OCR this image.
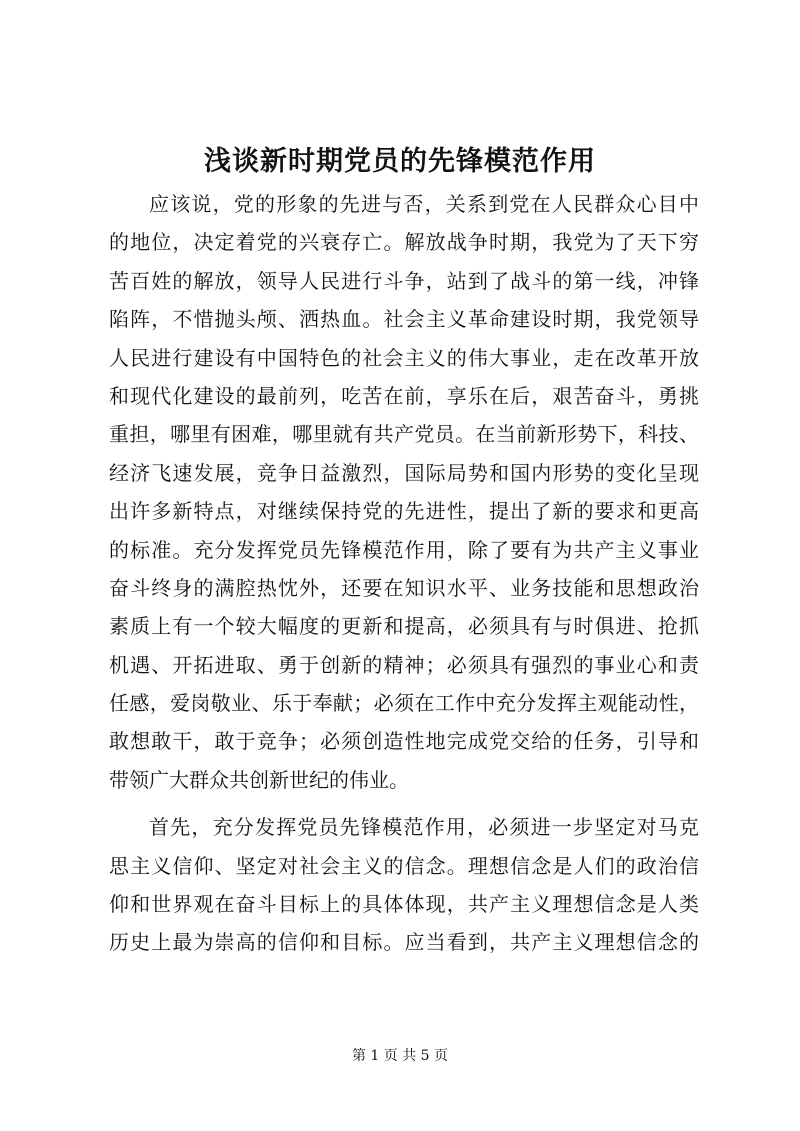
浅谈新时期党员的先锋模范作用
应该说，党的形象的先进与否，关系到党在人民群众心目中
的地位，决定着党的兴衰存亡。解放战争时期，我党为了天下穷
苦百姓的解放，领导人民进行斗争，站到了战斗的第一线，冲锋
陷阵，不惜抛头颅、洒热血。社会主义革命建设时期，我党领导
人民进行建设有中国特色的社会主义的伟大事业，走在改革开放
和现代化建设的最前列，吃苦在前，享乐在后，艰苦奋斗，勇挑
重担，哪里有困难，哪里就有共产党员。在当前新形势下，科技、
经济飞速发展，竞争日益激烈，国际局势和国内形势的变化呈现
出许多新特点，对继续保持党的先进性，提出了新的要求和更高
的标准。充分发挥党员先锋模范作用，除了要有为共产主义事业
奋斗终身的满腔热忱外，还要在知识水平、业务技能和思想政治
素质上有一个较大幅度的更新和提高，必须具有与时俱进、抢抓
机遇、开拓进取、勇于创新的精神；必须具有强烈的事业心和责
任感，爱岗敬业、乐于奉献；必须在工作中充分发挥主观能动性，
敢想敢干，敢于竞争；必须创造性地完成党交给的任务，引导和
带领广大群众共创新世纪的伟业。
首先，充分发挥党员先锋模范作用，必须进一步坚定对马克
思主义信仰、坚定对社会主义的信念。理想信念是人们的政治信
仰和世界观在奋斗目标上的具体体现，共产主义理想信念是人类
历史上最为崇高的信仰和目标。应当看到，共产主义理想信念的
第 1 页 共 5 页
